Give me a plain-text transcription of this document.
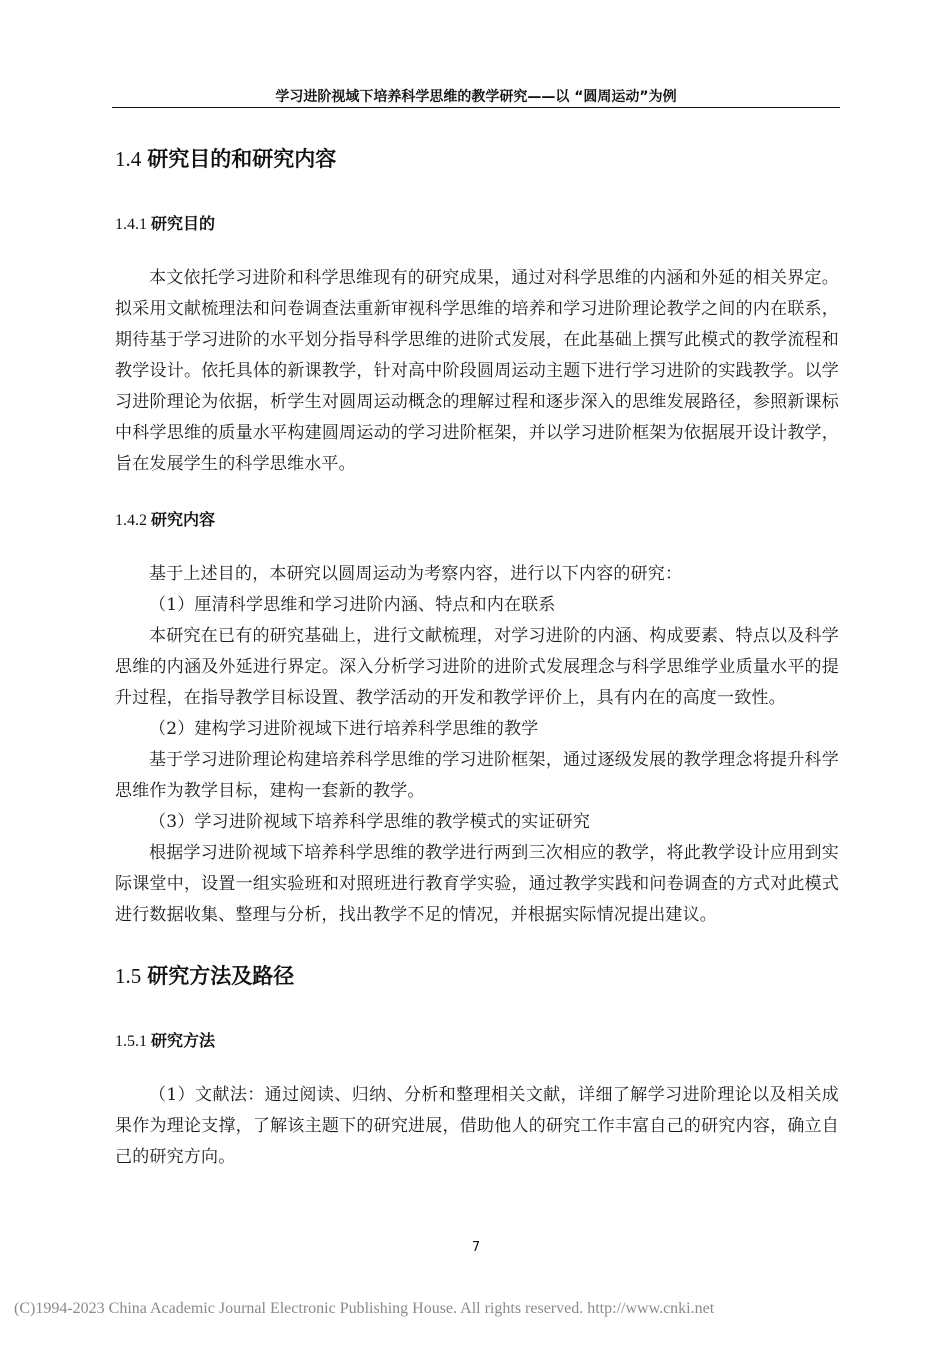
学习进阶视域下培养科学思维的教学研究——以 “圆周运动”为例
1.4 研究目的和研究内容
1.4.1 研究目的

本文依托学习进阶和科学思维现有的研究成果，通过对科学思维的内涵和外延的相关界定。拟采用文献梳理法和问卷调查法重新审视科学思维的培养和学习进阶理论教学之间的内在联系，期待基于学习进阶的水平划分指导科学思维的进阶式发展，在此基础上撰写此模式的教学流程和教学设计。依托具体的新课教学，针对高中阶段圆周运动主题下进行学习进阶的实践教学。以学习进阶理论为依据，析学生对圆周运动概念的理解过程和逐步深入的思维发展路径，参照新课标中科学思维的质量水平构建圆周运动的学习进阶框架，并以学习进阶框架为依据展开设计教学，旨在发展学生的科学思维水平。

1.4.2 研究内容

基于上述目的，本研究以圆周运动为考察内容，进行以下内容的研究：

（1）厘清科学思维和学习进阶内涵、特点和内在联系

本研究在已有的研究基础上，进行文献梳理，对学习进阶的内涵、构成要素、特点以及科学思维的内涵及外延进行界定。深入分析学习进阶的进阶式发展理念与科学思维学业质量水平的提升过程，在指导教学目标设置、教学活动的开发和教学评价上，具有内在的高度一致性。

（2）建构学习进阶视域下进行培养科学思维的教学

基于学习进阶理论构建培养科学思维的学习进阶框架，通过逐级发展的教学理念将提升科学思维作为教学目标，建构一套新的教学。

（3）学习进阶视域下培养科学思维的教学模式的实证研究

根据学习进阶视域下培养科学思维的教学进行两到三次相应的教学，将此教学设计应用到实际课堂中，设置一组实验班和对照班进行教育学实验，通过教学实践和问卷调查的方式对此模式进行数据收集、整理与分析，找出教学不足的情况，并根据实际情况提出建议。

1.5 研究方法及路径
1.5.1 研究方法

（1）文献法：通过阅读、归纳、分析和整理相关文献，详细了解学习进阶理论以及相关成果作为理论支撑，了解该主题下的研究进展，借助他人的研究工作丰富自己的研究内容，确立自己的研究方向。

7
(C)1994-2023 China Academic Journal Electronic Publishing House. All rights reserved. http://www.cnki.net
